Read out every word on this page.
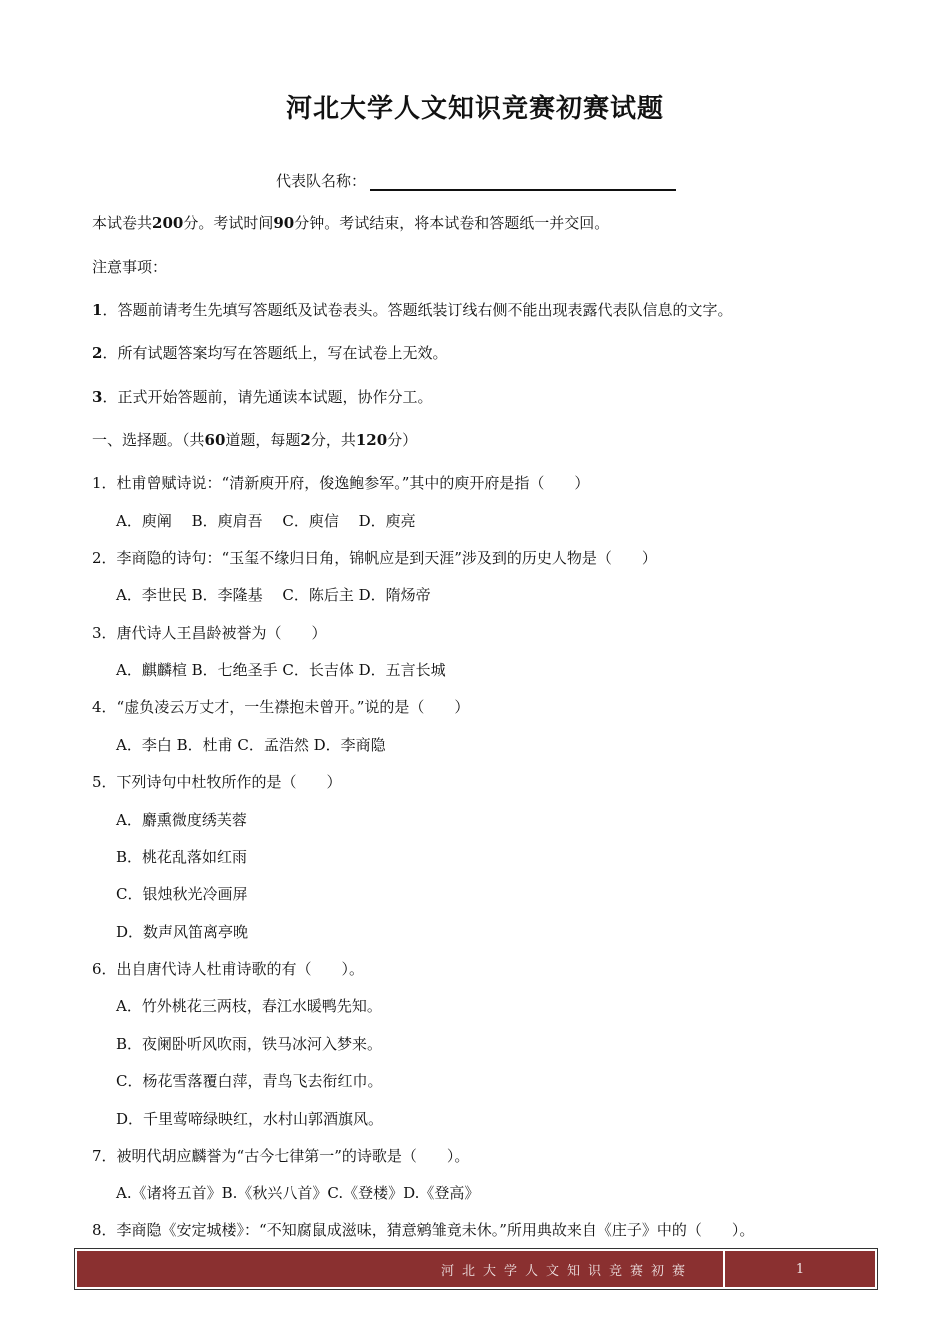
河北大学人文知识竞赛初赛试题
代表队名称：
本试卷共200分。考试时间90分钟。考试结束，将本试卷和答题纸一并交回。
注意事项：
1．答题前请考生先填写答题纸及试卷表头。答题纸装订线右侧不能出现表露代表队信息的文字。
2．所有试题答案均写在答题纸上，写在试卷上无效。
3．正式开始答题前，请先通读本试题，协作分工。
一、选择题。（共60道题，每题2分，共120分）
1．杜甫曾赋诗说：“清新庾开府，俊逸鲍参军。”其中的庾开府是指（　　）
A．庾阐　 B．庾肩吾　 C．庾信　 D．庾亮
2．李商隐的诗句：“玉玺不缘归日角，锦帆应是到天涯”涉及到的历史人物是（　　）
A．李世民 B．李隆基　 C．陈后主 D．隋炀帝
3．唐代诗人王昌龄被誉为（　　）
A．麒麟楦 B．七绝圣手 C．长吉体 D．五言长城
4．“虚负凌云万丈才，一生襟抱未曾开。”说的是（　　）
A．李白 B．杜甫 C．孟浩然 D．李商隐
5．下列诗句中杜牧所作的是（　　）
A．麝熏微度绣芙蓉
B．桃花乱落如红雨
C．银烛秋光冷画屏
D．数声风笛离亭晚
6．出自唐代诗人杜甫诗歌的有（　　）。
A．竹外桃花三两枝，春江水暖鸭先知。
B．夜阑卧听风吹雨，铁马冰河入梦来。
C．杨花雪落覆白萍，青鸟飞去衔红巾。
D．千里莺啼绿映红，水村山郭酒旗风。
7．被明代胡应麟誉为“古今七律第一”的诗歌是（　　）。
A.《诸将五首》B.《秋兴八首》C.《登楼》D.《登高》
8．李商隐《安定城楼》：“不知腐鼠成滋味，猜意鹓雏竟未休。”所用典故来自《庄子》中的（　　）。
河北大学人文知识竞赛初赛	1
